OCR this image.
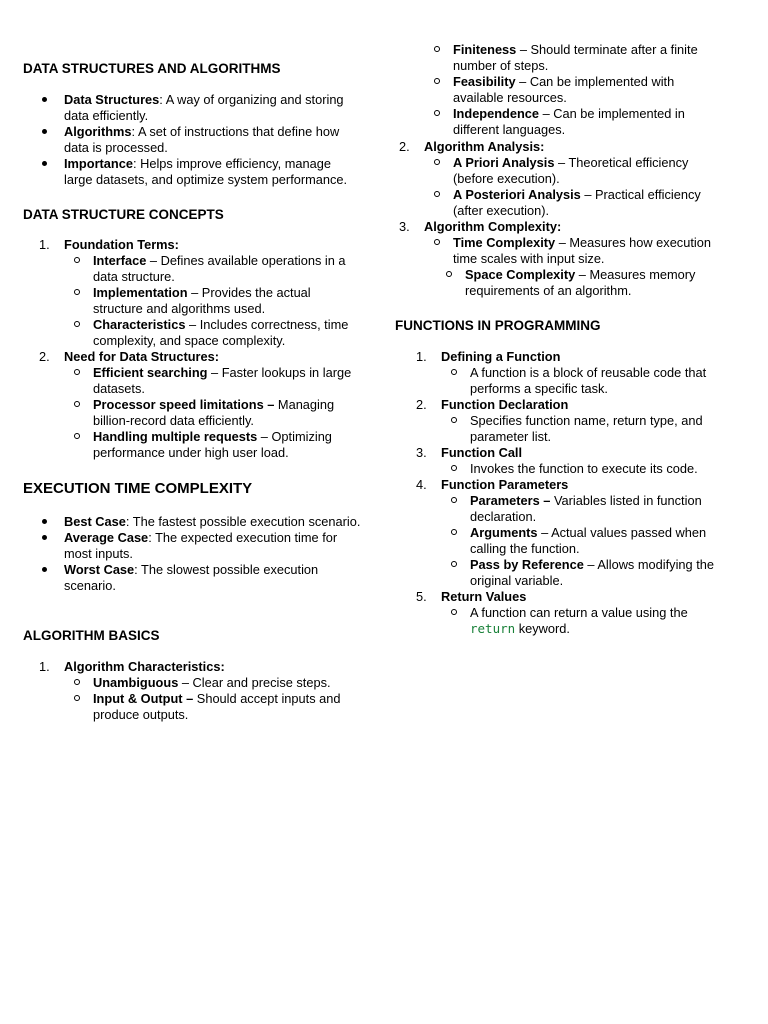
DATA STRUCTURES AND ALGORITHMS
Data Structures: A way of organizing and storing data efficiently.
Algorithms: A set of instructions that define how data is processed.
Importance: Helps improve efficiency, manage large datasets, and optimize system performance.
DATA STRUCTURE CONCEPTS
1. Foundation Terms:
Interface – Defines available operations in a data structure.
Implementation – Provides the actual structure and algorithms used.
Characteristics – Includes correctness, time complexity, and space complexity.
2. Need for Data Structures:
Efficient searching – Faster lookups in large datasets.
Processor speed limitations – Managing billion-record data efficiently.
Handling multiple requests – Optimizing performance under high user load.
EXECUTION TIME COMPLEXITY
Best Case: The fastest possible execution scenario.
Average Case: The expected execution time for most inputs.
Worst Case: The slowest possible execution scenario.
ALGORITHM BASICS
1. Algorithm Characteristics:
Unambiguous – Clear and precise steps.
Input & Output – Should accept inputs and produce outputs.
Finiteness – Should terminate after a finite number of steps.
Feasibility – Can be implemented with available resources.
Independence – Can be implemented in different languages.
2. Algorithm Analysis:
A Priori Analysis – Theoretical efficiency (before execution).
A Posteriori Analysis – Practical efficiency (after execution).
3. Algorithm Complexity:
Time Complexity – Measures how execution time scales with input size.
Space Complexity – Measures memory requirements of an algorithm.
FUNCTIONS IN PROGRAMMING
1. Defining a Function
A function is a block of reusable code that performs a specific task.
2. Function Declaration
Specifies function name, return type, and parameter list.
3. Function Call
Invokes the function to execute its code.
4. Function Parameters
Parameters – Variables listed in function declaration.
Arguments – Actual values passed when calling the function.
Pass by Reference – Allows modifying the original variable.
5. Return Values
A function can return a value using the return keyword.
